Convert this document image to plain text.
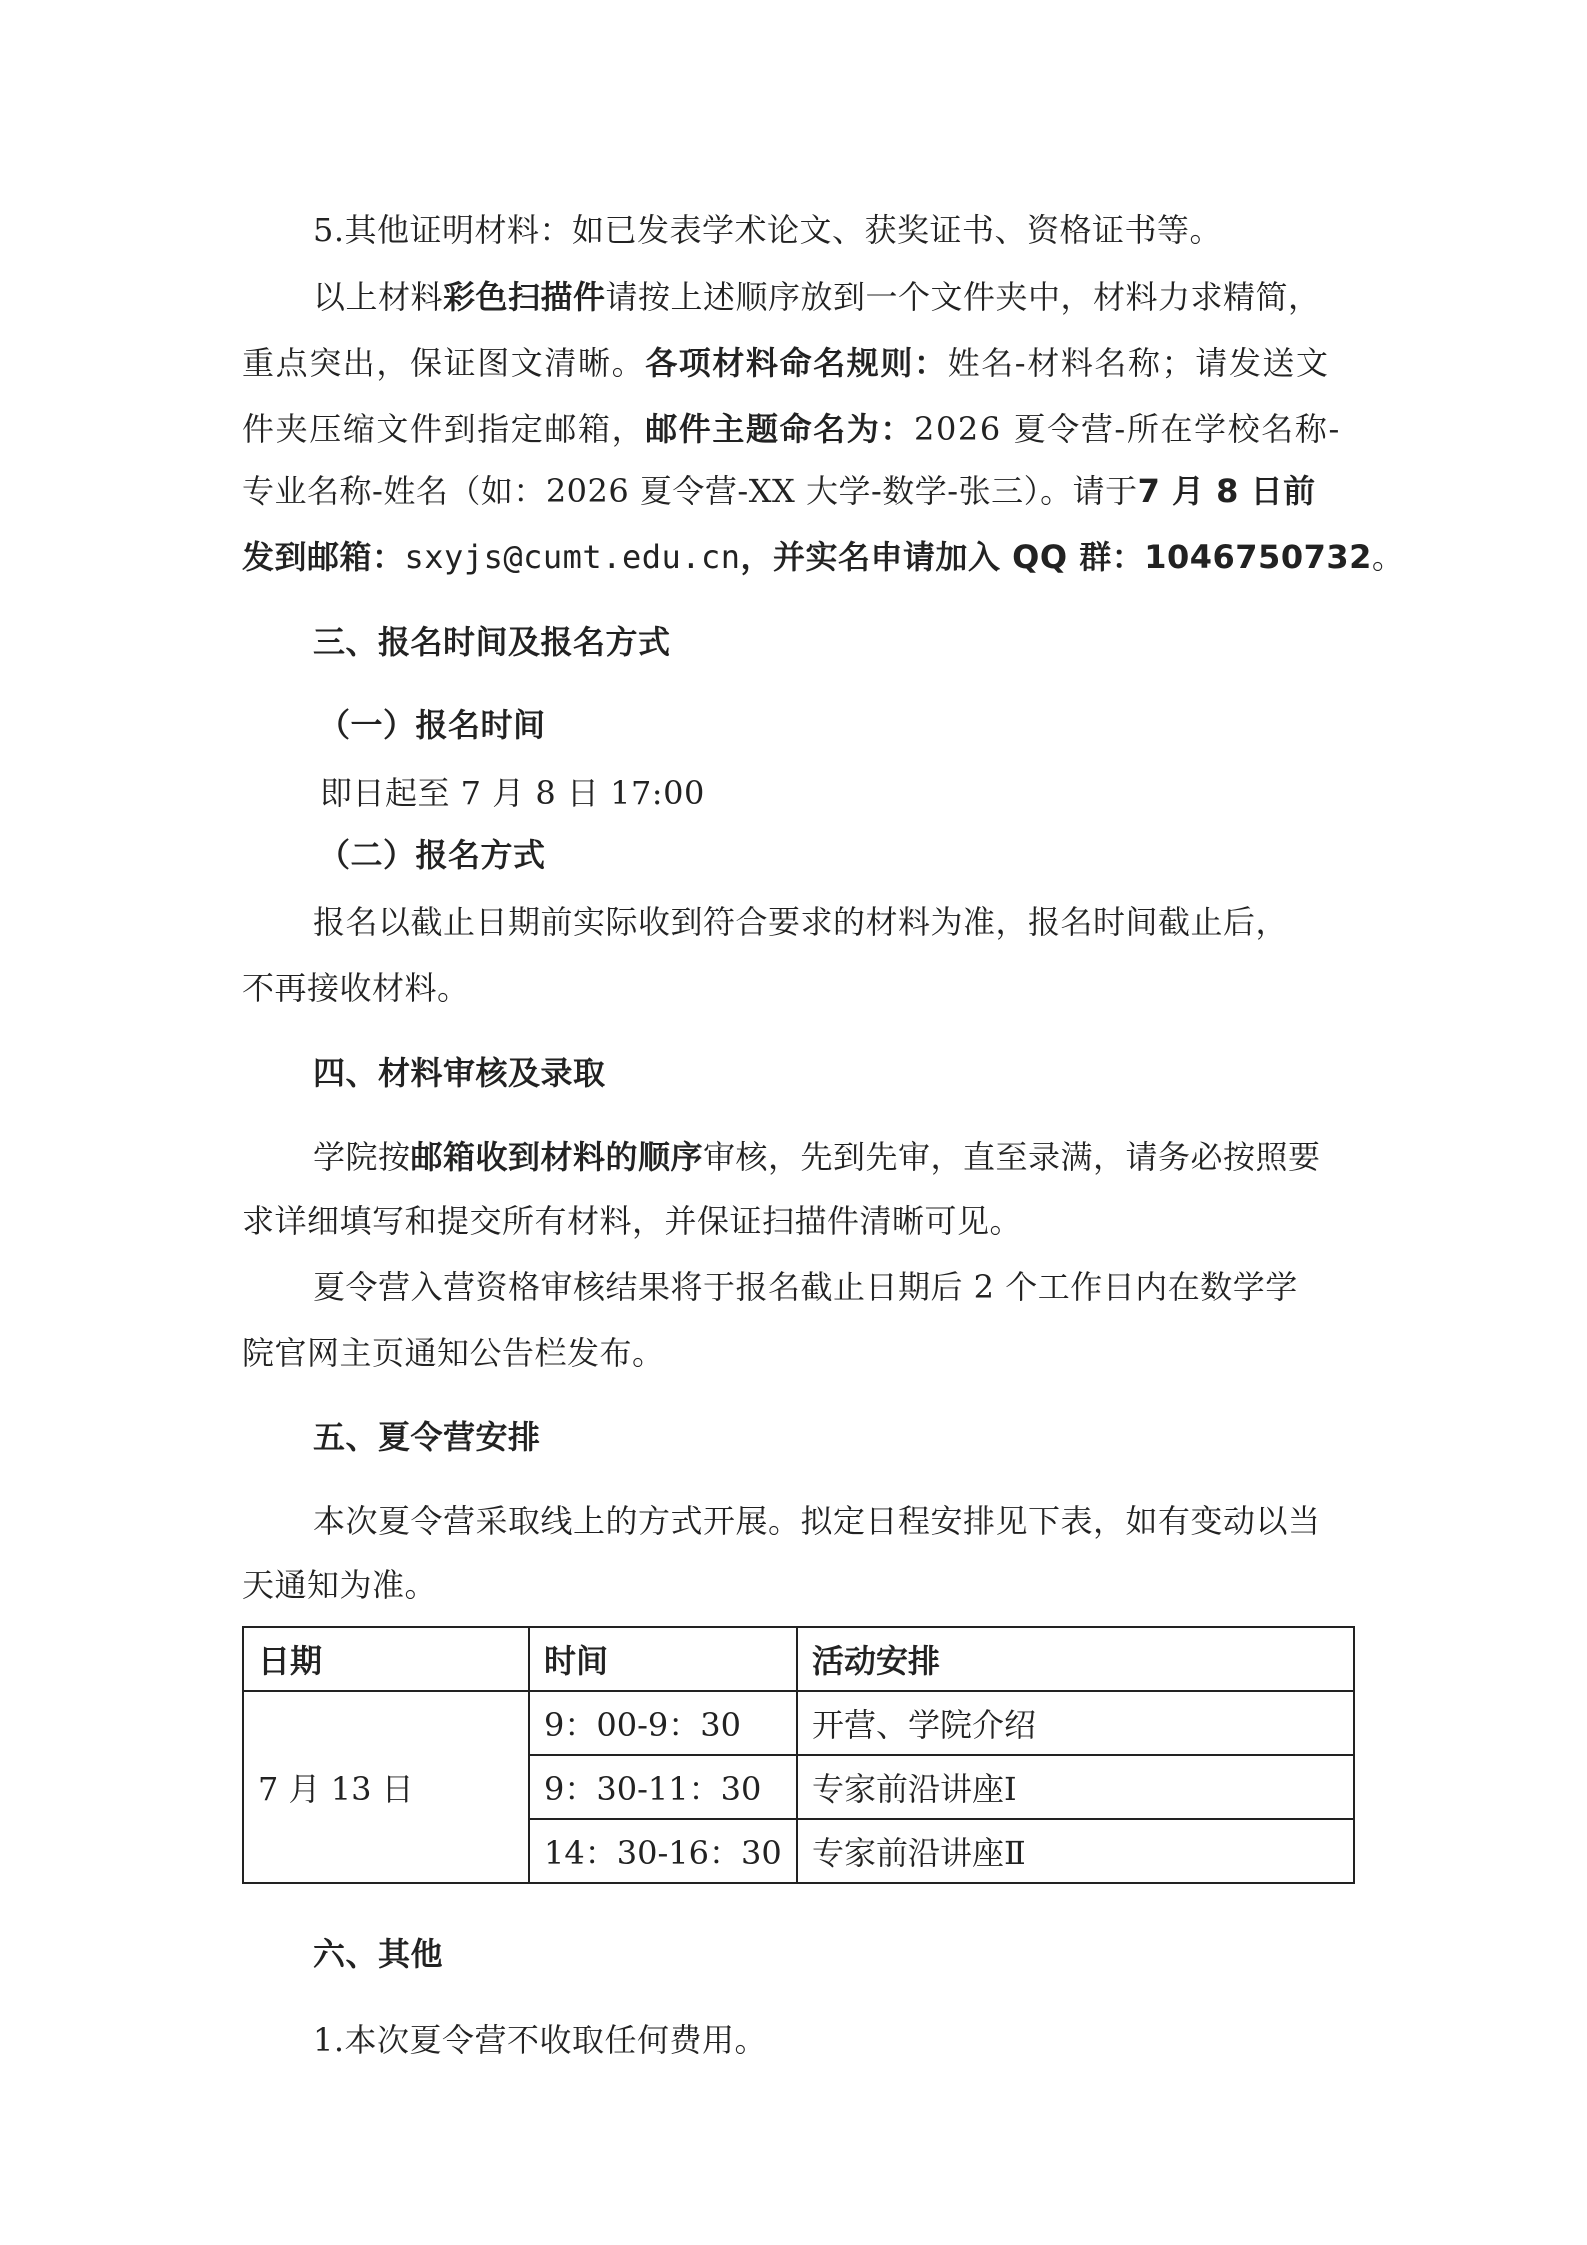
5.其他证明材料：如已发表学术论文、获奖证书、资格证书等。
以上材料彩色扫描件请按上述顺序放到一个文件夹中，材料力求精简，
重点突出，保证图文清晰。各项材料命名规则：姓名-材料名称；请发送文
件夹压缩文件到指定邮箱，邮件主题命名为：2026 夏令营-所在学校名称-
专业名称-姓名（如：2026 夏令营-XX 大学-数学-张三）。请于7 月 8 日前
发到邮箱：sxyjs@cumt.edu.cn，并实名申请加入 QQ 群：1046750732。
三、报名时间及报名方式
（一）报名时间
即日起至 7 月 8 日 17:00
（二）报名方式
报名以截止日期前实际收到符合要求的材料为准，报名时间截止后，
不再接收材料。
四、材料审核及录取
学院按邮箱收到材料的顺序审核，先到先审，直至录满，请务必按照要
求详细填写和提交所有材料，并保证扫描件清晰可见。
夏令营入营资格审核结果将于报名截止日期后 2 个工作日内在数学学
院官网主页通知公告栏发布。
五、夏令营安排
本次夏令营采取线上的方式开展。拟定日程安排见下表，如有变动以当
天通知为准。
日期	时间	活动安排
7 月 13 日	9：00-9：30	开营、学院介绍
	9：30-11：30	专家前沿讲座Ⅰ
	14：30-16：30	专家前沿讲座Ⅱ
六、其他
1.本次夏令营不收取任何费用。
